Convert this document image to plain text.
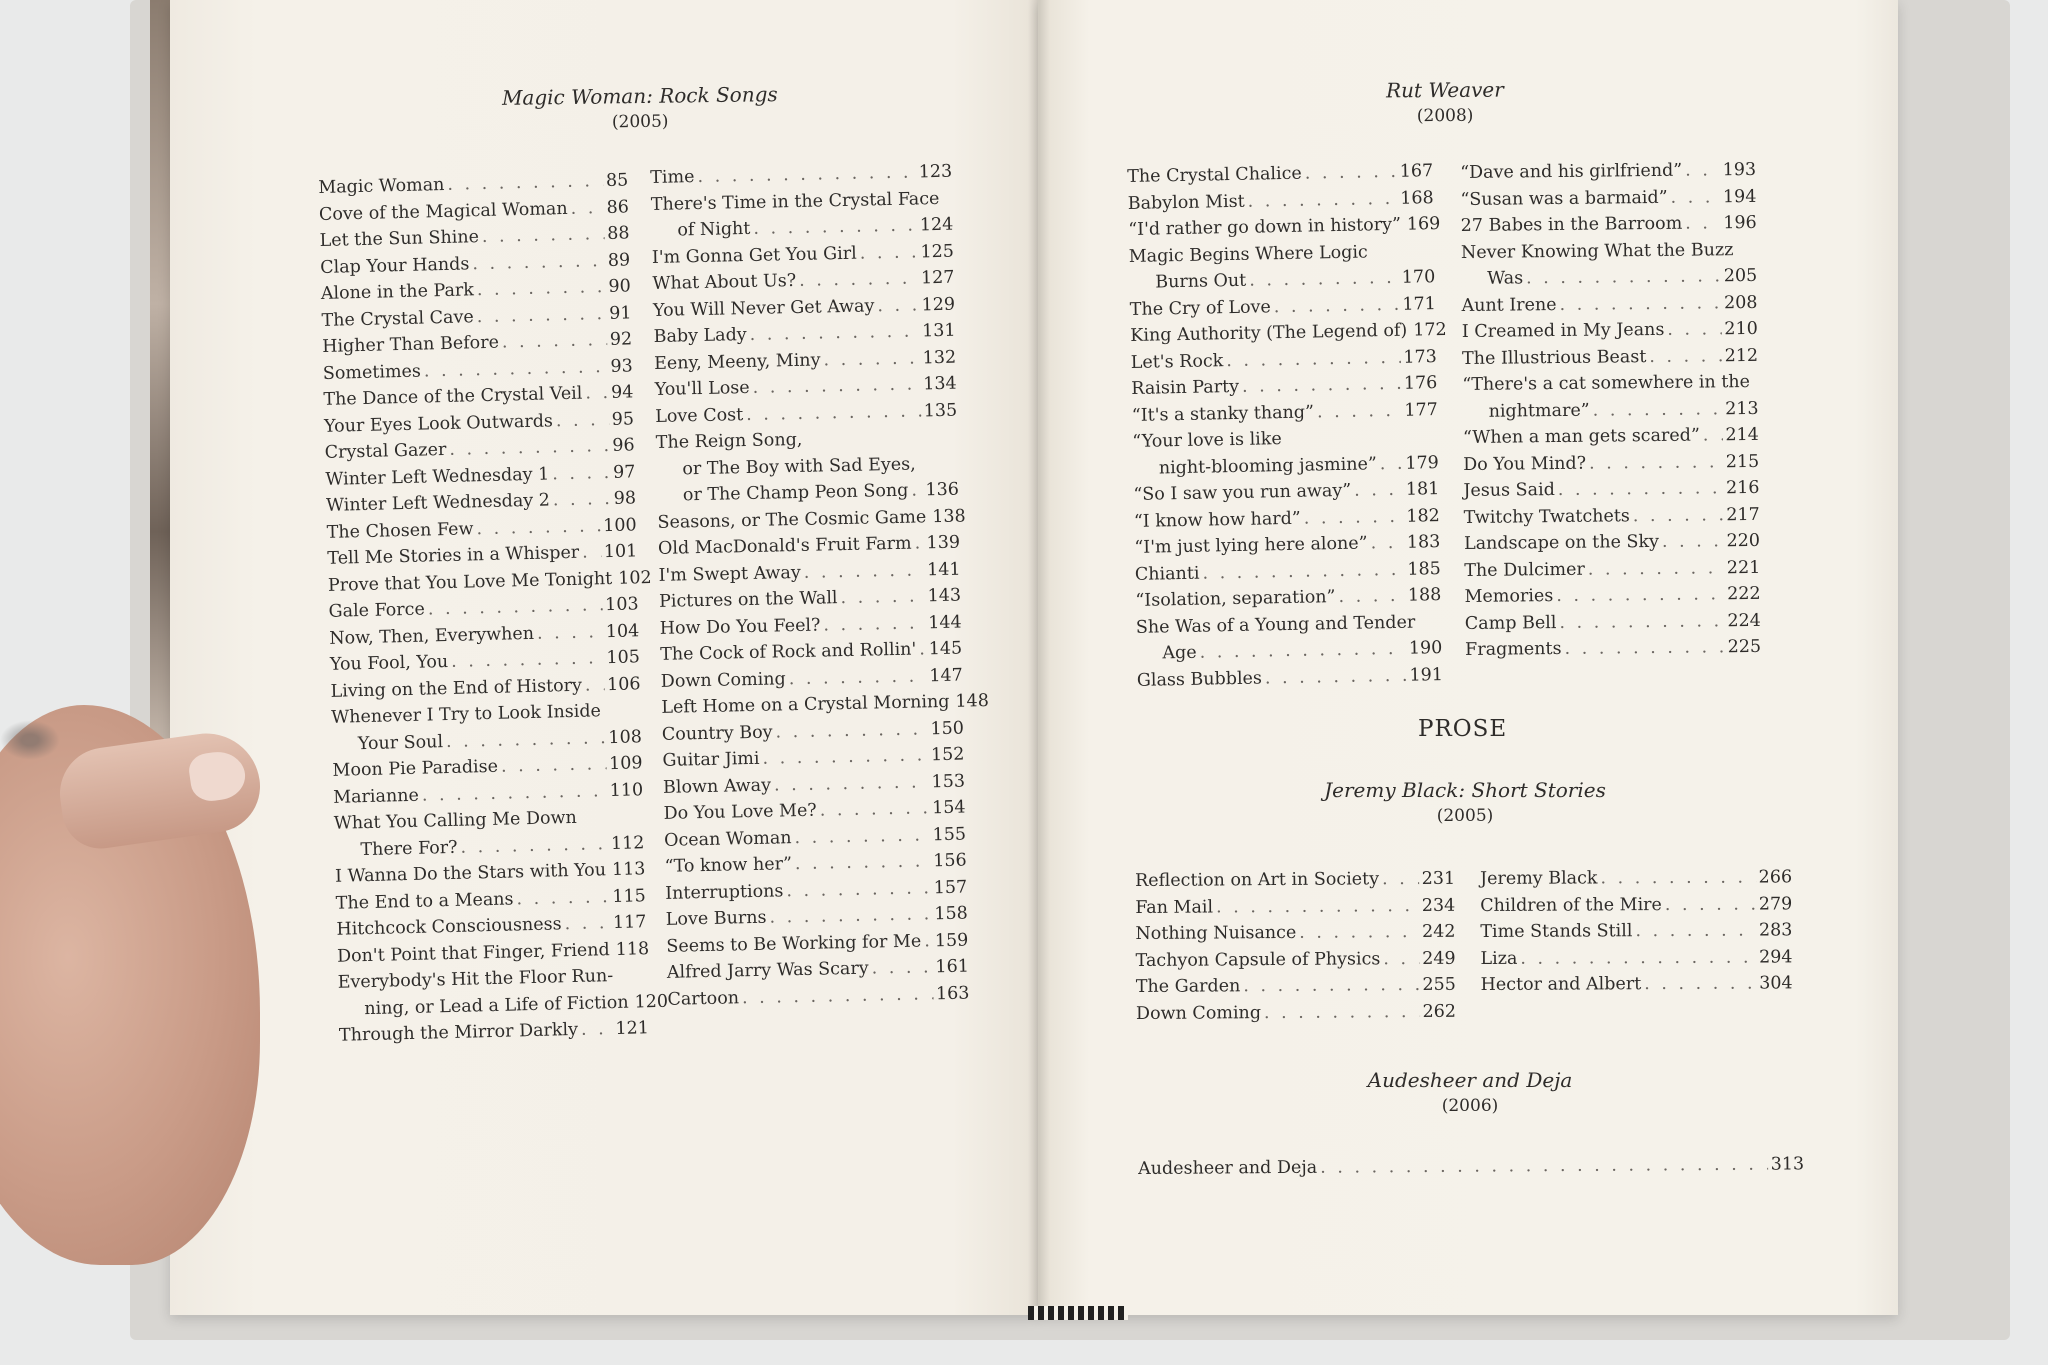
Magic Woman: Rock Songs
(2005)
Magic Woman . . .	85
Cove of the Magical Woman . . . 86
Let the Sun Shine . . .	88
Clap Your Hands . . .	89
Alone in the Park . . .	90
The Crystal Cave . . .	91
Higher Than Before . . .	92
Sometimes . . .	93
The Dance of the Crystal Veil . . . 94
Your Eyes Look Outwards . . .	95
Crystal Gazer . . .	96
Winter Left Wednesday 1 . . .	97
Winter Left Wednesday 2 . . .	98
The Chosen Few . . .	100
Tell Me Stories in a Whisper . . . 101
Prove that You Love Me Tonight . . . 102
Gale Force . . .	103
Now, Then, Everywhen . . .	104
You Fool, You . . .	105
Living on the End of History . . . 106
Whenever I Try to Look Inside
Your Soul . . .	108
Moon Pie Paradise . . .	109
Marianne . . .	110
What You Calling Me Down
There For? . . .	112
I Wanna Do the Stars with You . . . 113
The End to a Means . . .	115
Hitchcock Consciousness . . .	117
Don't Point that Finger, Friend . . . 118
Everybody's Hit the Floor Run-
ning, or Lead a Life of Fiction . . . 120
Through the Mirror Darkly . . . 121
Time . . .	123
There's Time in the Crystal Face
of Night . . .	124
I'm Gonna Get You Girl . . .	125
What About Us? . . .	127
You Will Never Get Away . . .	129
Baby Lady . . .	131
Eeny, Meeny, Miny . . .	132
You'll Lose . . .	134
Love Cost . . .	135
The Reign Song,
or The Boy with Sad Eyes,
or The Champ Peon Song . . . 136
Seasons, or The Cosmic Game . . . 138
Old MacDonald's Fruit Farm . . . 139
I'm Swept Away . . .	141
Pictures on the Wall . . .	143
How Do You Feel? . . .	144
The Cock of Rock and Rollin' . . . 145
Down Coming . . .	147
Left Home on a Crystal Morning . . . 148
Country Boy . . .	150
Guitar Jimi . . .	152
Blown Away . . .	153
Do You Love Me? . . .	154
Ocean Woman . . .	155
“To know her” . . .	156
Interruptions . . .	157
Love Burns . . .	158
Seems to Be Working for Me . . . 159
Alfred Jarry Was Scary . . .	161
Cartoon . . .	163
Rut Weaver
(2008)
The Crystal Chalice . . .	167
Babylon Mist . . .	168
“I'd rather go down in history” . . . 169
Magic Begins Where Logic
Burns Out . . .	170
The Cry of Love . . .	171
King Authority (The Legend of) . . . 172
Let's Rock . . .	173
Raisin Party . . .	176
“It's a stanky thang” . . .	177
“Your love is like
night-blooming jasmine” . . . 179
“So I saw you run away” . . .	181
“I know how hard” . . .	182
“I'm just lying here alone” . . . 183
Chianti . . .	185
“Isolation, separation” . . .	188
She Was of a Young and Tender
Age . . .	190
Glass Bubbles . . .	191
“Dave and his girlfriend” . . . 193
“Susan was a barmaid” . . .	194
27 Babes in the Barroom . . . 196
Never Knowing What the Buzz
Was . . .	205
Aunt Irene . . .	208
I Creamed in My Jeans . . .	210
The Illustrious Beast . . .	212
“There's a cat somewhere in the
nightmare” . . .	213
“When a man gets scared” . . . 214
Do You Mind? . . .	215
Jesus Said . . .	216
Twitchy Twatchets . . .	217
Landscape on the Sky . . .	220
The Dulcimer . . .	221
Memories . . .	222
Camp Bell . . .	224
Fragments . . .	225
PROSE
Jeremy Black: Short Stories
(2005)
Reflection on Art in Society . . . 231
Fan Mail . . .	234
Nothing Nuisance . . .	242
Tachyon Capsule of Physics . . . 249
The Garden . . .	255
Down Coming . . .	262
Jeremy Black . . .	266
Children of the Mire . . .	279
Time Stands Still . . .	283
Liza . . .	294
Hector and Albert . . .	304
Audesheer and Deja
(2006)
Audesheer and Deja . . .	313
